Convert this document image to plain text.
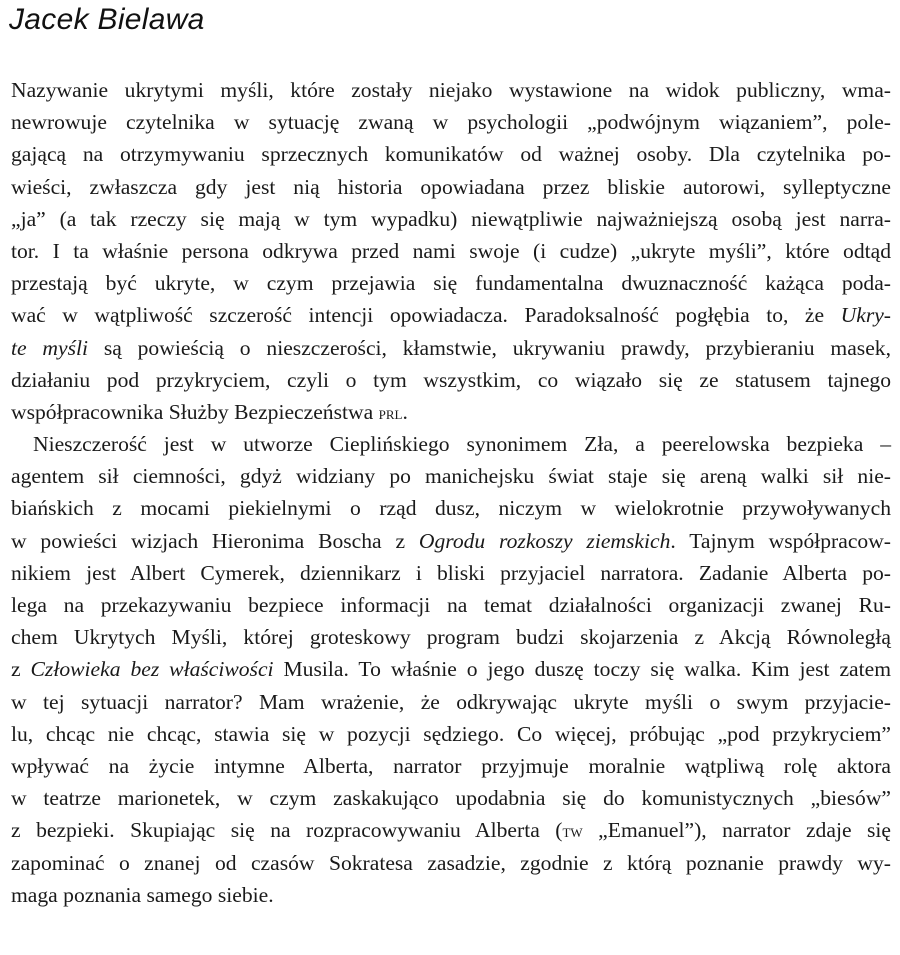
Jacek Bielawa
Nazywanie ukrytymi myśli, które zostały niejako wystawione na widok publiczny, wma-
newrowuje czytelnika w sytuację zwaną w psychologii „podwójnym wiązaniem”, pole-
gającą na otrzymywaniu sprzecznych komunikatów od ważnej osoby. Dla czytelnika po-
wieści, zwłaszcza gdy jest nią historia opowiadana przez bliskie autorowi, sylleptyczne
„ja” (a tak rzeczy się mają w tym wypadku) niewątpliwie najważniejszą osobą jest narra-
tor. I ta właśnie persona odkrywa przed nami swoje (i cudze) „ukryte myśli”, które odtąd
przestają być ukryte, w czym przejawia się fundamentalna dwuznaczność każąca poda-
wać w wątpliwość szczerość intencji opowiadacza. Paradoksalność pogłębia to, że Ukry-
te myśli są powieścią o nieszczerości, kłamstwie, ukrywaniu prawdy, przybieraniu masek,
działaniu pod przykryciem, czyli o tym wszystkim, co wiązało się ze statusem tajnego
współpracownika Służby Bezpieczeństwa prl.
Nieszczerość jest w utworze Cieplińskiego synonimem Zła, a peerelowska bezpieka –
agentem sił ciemności, gdyż widziany po manichejsku świat staje się areną walki sił nie-
biańskich z mocami piekielnymi o rząd dusz, niczym w wielokrotnie przywoływanych
w powieści wizjach Hieronima Boscha z Ogrodu rozkoszy ziemskich. Tajnym współpracow-
nikiem jest Albert Cymerek, dziennikarz i bliski przyjaciel narratora. Zadanie Alberta po-
lega na przekazywaniu bezpiece informacji na temat działalności organizacji zwanej Ru-
chem Ukrytych Myśli, której groteskowy program budzi skojarzenia z Akcją Równoległą
z Człowieka bez właściwości Musila. To właśnie o jego duszę toczy się walka. Kim jest zatem
w tej sytuacji narrator? Mam wrażenie, że odkrywając ukryte myśli o swym przyjacie-
lu, chcąc nie chcąc, stawia się w pozycji sędziego. Co więcej, próbując „pod przykryciem”
wpływać na życie intymne Alberta, narrator przyjmuje moralnie wątpliwą rolę aktora
w teatrze marionetek, w czym zaskakująco upodabnia się do komunistycznych „biesów”
z bezpieki. Skupiając się na rozpracowywaniu Alberta (tw „Emanuel”), narrator zdaje się
zapominać o znanej od czasów Sokratesa zasadzie, zgodnie z którą poznanie prawdy wy-
maga poznania samego siebie.
